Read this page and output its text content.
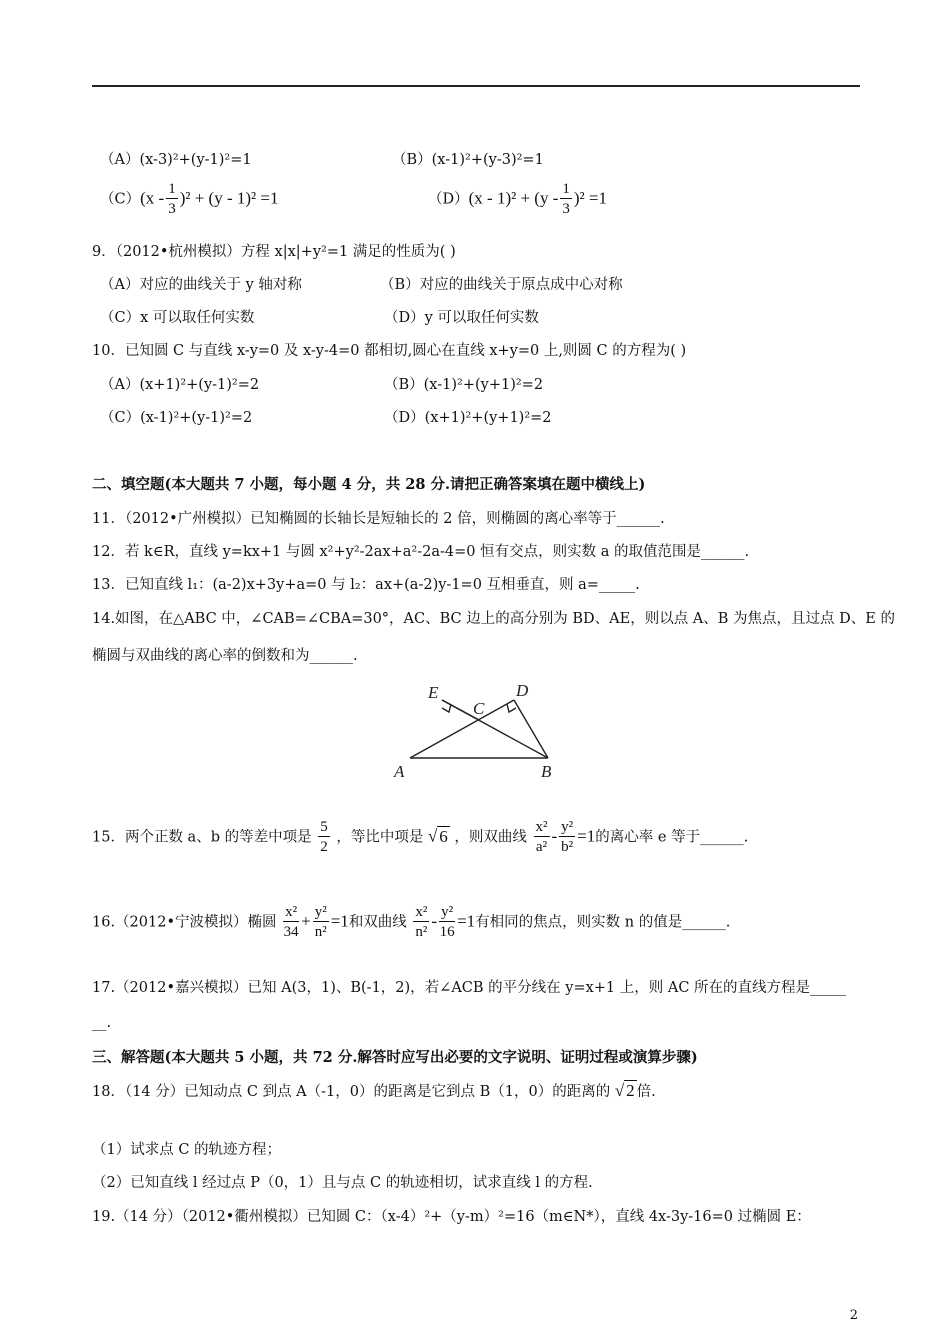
（A）(x-3)²+(y-1)²=1	（B）(x-1)²+(y-3)²=1
$(C)(x - \frac{1}{3} )^2 + (y - 1)^2 =1$	$(D)(x - 1)^2 + (y - \frac{1}{3} )^2 =1$
9．（2012•杭州模拟）方程 x|x|+y²=1 满足的性质为( )
（A）对应的曲线关于 y 轴对称	（B）对应的曲线关于原点成中心对称
（C）x 可以取任何实数	（D）y 可以取任何实数
10．已知圆 C 与直线 x-y=0 及 x-y-4=0 都相切,圆心在直线 x+y=0 上,则圆 C 的方程为( )
（A）(x+1)²+(y-1)²=2	（B）(x-1)²+(y+1)²=2
（C）(x-1)²+(y-1)²=2	（D）(x+1)²+(y+1)²=2
二、填空题(本大题共 7 小题，每小题 4 分，共 28 分.请把正确答案填在题中横线上)
11．（2012•广州模拟）已知椭圆的长轴长是短轴长的 2 倍，则椭圆的离心率等于______.
12．若 k∈R，直线 y=kx+1 与圆 x²+y²-2ax+a²-2a-4=0 恒有交点，则实数 a 的取值范围是______.
13．已知直线 l₁：(a-2)x+3y+a=0 与 l₂：ax+(a-2)y-1=0 互相垂直，则 a=_____.
14.如图，在△ABC 中，∠CAB=∠CBA=30°，AC、BC 边上的高分别为 BD、AE，则以点 A、B 为焦点，且过点 D、E 的
椭圆与双曲线的离心率的倒数和为______.
E
C
D
A	B
15．两个正数 a、b 的等差中项是 $\frac{5}{2}$ ，等比中项是 √ 6 ，则双曲线 $\frac{\text{x²}}{\text{a²}} - \frac{\text{y²}}{\text{b²}} =1$的离心率 e 等于______.
16.（2012•宁波模拟）椭圆 $\frac{\text{x²}}{34} + \frac{\text{y²}}{\text{n²}} =1$和双曲线 $\frac{\text{x²}}{\text{n²}} - \frac{\text{y²}}{16} =1$有相同的焦点，则实数 n 的值是______.
17.（2012•嘉兴模拟）已知 A(3，1)、B(-1，2)，若∠ACB 的平分线在 y=x+1 上，则 AC 所在的直线方程是_____
__.
三、解答题(本大题共 5 小题，共 72 分.解答时应写出必要的文字说明、证明过程或演算步骤)
18．（14 分）已知动点 C 到点 A（-1，0）的距离是它到点 B（1，0）的距离的 √ 2 倍.
（1）试求点 C 的轨迹方程；
（2）已知直线 l 经过点 P（0，1）且与点 C 的轨迹相切，试求直线 l 的方程.
19.（14 分）（2012•衢州模拟）已知圆 C：（x-4）²+（y-m）²=16（m∈N*），直线 4x-3y-16=0 过椭圆 E：
2
